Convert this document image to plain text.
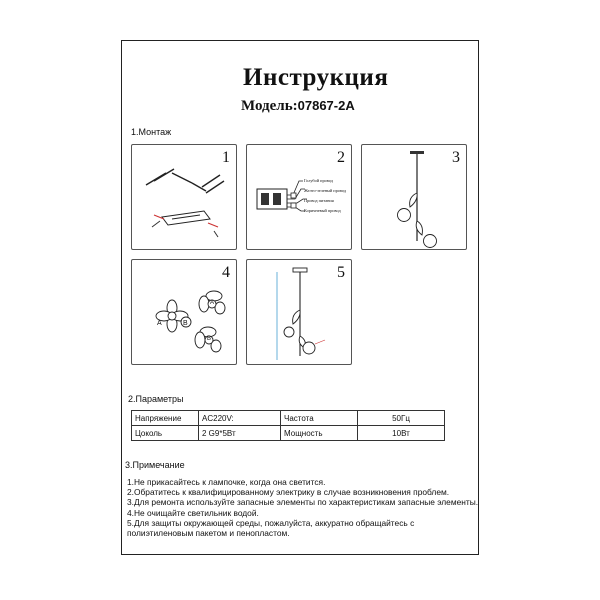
Инструкция
Модель:07867-2A
1.Монтаж
1	2
Голубой провод
Желто-зеленый провод
Провод питания
Коричневый провод
3
4
A	B
A
B
5
2.Параметры
Напряжение	AC220V:	Частота	50Гц
Цоколь	2 G9*5Вт	Мощность	10Вт
3.Примечание
1.Не прикасайтесь к лампочке, когда она светится.
2.Обратитесь к квалифицированному электрику в случае возникновения проблем.
3.Для ремонта используйте запасные элементы по характеристикам запасные элементы.
4.Не очищайте светильник водой.
5.Для защиты окружающей среды, пожалуйста, аккуратно обращайтесь с
полиэтиленовым пакетом и пенопластом.
